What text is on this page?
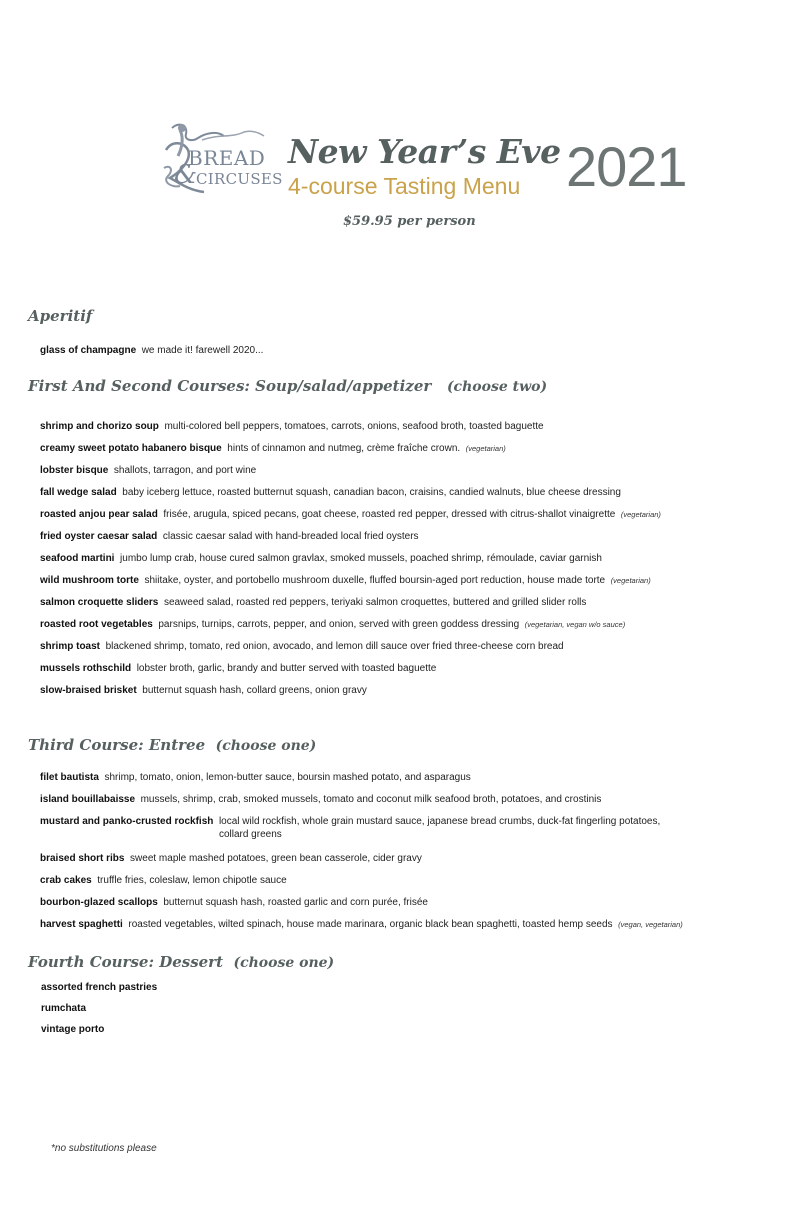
BREAD
&
CIRCUSES
New Year’s Eve
4-course Tasting Menu 2021
$59.95 per person
Aperitif
glass of champagne we made it! farewell 2020...
First And Second Courses: Soup/salad/appetizer (choose two)
shrimp and chorizo soup multi-colored bell peppers, tomatoes, carrots, onions, seafood broth, toasted baguette
creamy sweet potato habanero bisque hints of cinnamon and nutmeg, crème fraîche crown. (vegetarian)
lobster bisque shallots, tarragon, and port wine
fall wedge salad baby iceberg lettuce, roasted butternut squash, canadian bacon, craisins, candied walnuts, blue cheese dressing
roasted anjou pear salad frisée, arugula, spiced pecans, goat cheese, roasted red pepper, dressed with citrus-shallot vinaigrette (vegetarian)
fried oyster caesar salad classic caesar salad with hand-breaded local fried oysters
seafood martini jumbo lump crab, house cured salmon gravlax, smoked mussels, poached shrimp, rémoulade, caviar garnish
wild mushroom torte shiitake, oyster, and portobello mushroom duxelle, fluffed boursin-aged port reduction, house made torte (vegetarian)
salmon croquette sliders seaweed salad, roasted red peppers, teriyaki salmon croquettes, buttered and grilled slider rolls
roasted root vegetables parsnips, turnips, carrots, pepper, and onion, served with green goddess dressing (vegetarian, vegan w/o sauce)
shrimp toast blackened shrimp, tomato, red onion, avocado, and lemon dill sauce over fried three-cheese corn bread
mussels rothschild lobster broth, garlic, brandy and butter served with toasted baguette
slow-braised brisket butternut squash hash, collard greens, onion gravy
Third Course: Entree (choose one)
filet bautista shrimp, tomato, onion, lemon-butter sauce, boursin mashed potato, and asparagus
island bouillabaisse mussels, shrimp, crab, smoked mussels, tomato and coconut milk seafood broth, potatoes, and crostinis
mustard and panko-crusted rockfish local wild rockfish, whole grain mustard sauce, japanese bread crumbs, duck-fat fingerling potatoes,
collard greens
braised short ribs sweet maple mashed potatoes, green bean casserole, cider gravy
crab cakes truffle fries, coleslaw, lemon chipotle sauce
bourbon-glazed scallops butternut squash hash, roasted garlic and corn purée, frisée
harvest spaghetti roasted vegetables, wilted spinach, house made marinara, organic black bean spaghetti, toasted hemp seeds (vegan, vegetarian)
Fourth Course: Dessert (choose one)
assorted french pastries
rumchata
vintage porto
*no substitutions please
